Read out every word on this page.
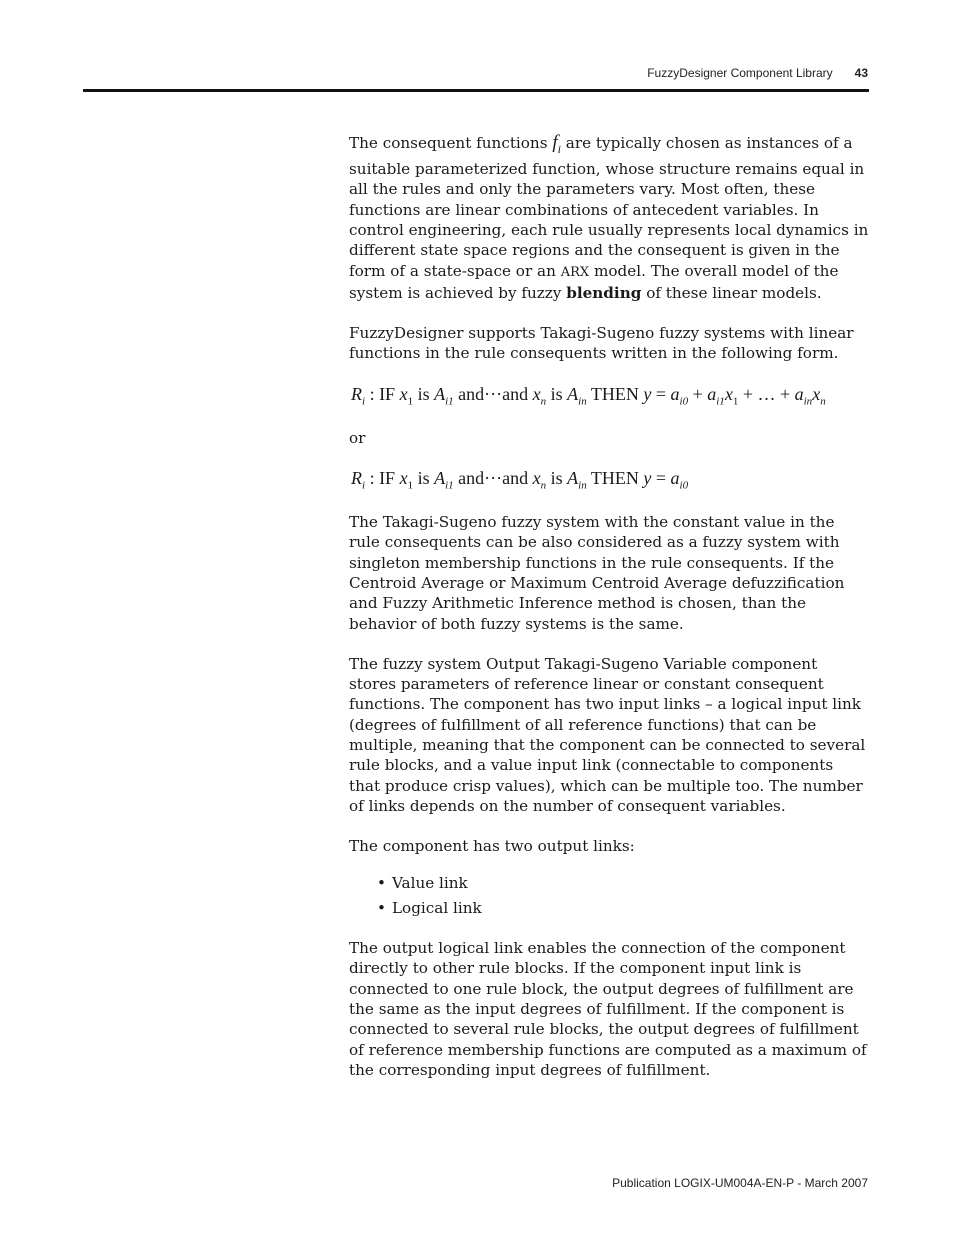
FuzzyDesigner Component Library 43

The consequent functions $f_i$ are typically chosen as instances of a suitable parameterized function, whose structure remains equal in all the rules and only the parameters vary. Most often, these functions are linear combinations of antecedent variables. In control engineering, each rule usually represents local dynamics in different state space regions and the consequent is given in the form of a state-space or an ARX model. The overall model of the system is achieved by fuzzy blending of these linear models.

FuzzyDesigner supports Takagi-Sugeno fuzzy systems with linear functions in the rule consequents written in the following form.

$R_i$ : IF $x_1$ is $A_{i1}$ and···and $x_n$ is $A_{in}$ THEN $y = a_{i0} + a_{i1}x_1$ + … + $a_{in}x_n$

or

$R_i$ : IF $x_1$ is $A_{i1}$ and···and $x_n$ is $A_{in}$ THEN $y = a_{i0}$

The Takagi-Sugeno fuzzy system with the constant value in the rule consequents can be also considered as a fuzzy system with singleton membership functions in the rule consequents. If the Centroid Average or Maximum Centroid Average defuzzification and Fuzzy Arithmetic Inference method is chosen, than the behavior of both fuzzy systems is the same.

The fuzzy system Output Takagi-Sugeno Variable component stores parameters of reference linear or constant consequent functions. The component has two input links – a logical input link (degrees of fulfillment of all reference functions) that can be multiple, meaning that the component can be connected to several rule blocks, and a value input link (connectable to components that produce crisp values), which can be multiple too. The number of links depends on the number of consequent variables.

The component has two output links:

• Value link
• Logical link

The output logical link enables the connection of the component directly to other rule blocks. If the component input link is connected to one rule block, the output degrees of fulfillment are the same as the input degrees of fulfillment. If the component is connected to several rule blocks, the output degrees of fulfillment of reference membership functions are computed as a maximum of the corresponding input degrees of fulfillment.

Publication LOGIX-UM004A-EN-P - March 2007
